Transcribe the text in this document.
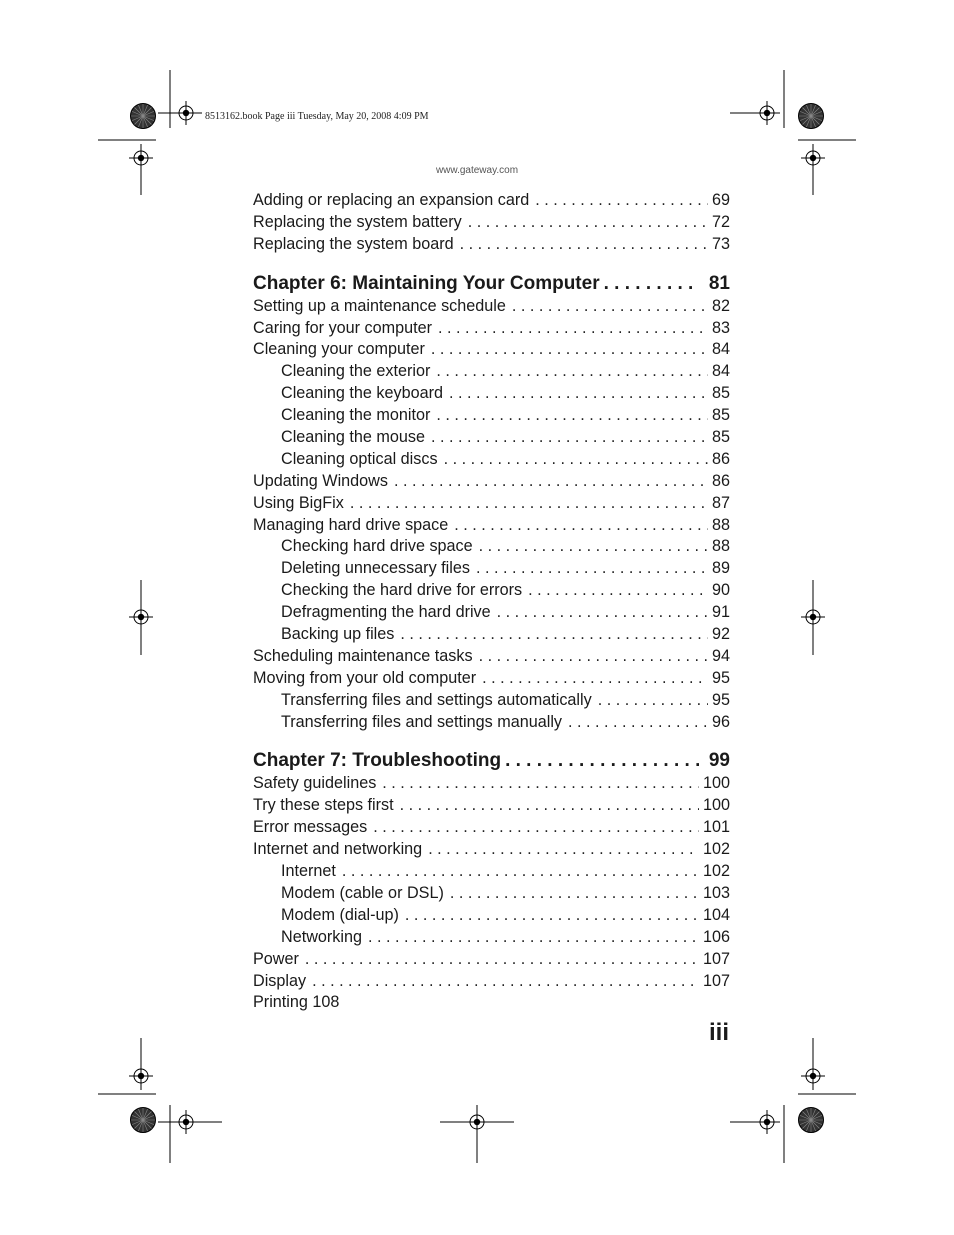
8513162.book Page iii Tuesday, May 20, 2008 4:09 PM
www.gateway.com
Adding or replacing an expansion card . . .	69
Replacing the system battery . . .	72
Replacing the system board . . .	73
Chapter 6: Maintaining Your Computer . . .	81
Setting up a maintenance schedule . . .	82
Caring for your computer . . .	83
Cleaning your computer . . .	84
Cleaning the exterior . . .	84
Cleaning the keyboard . . .	85
Cleaning the monitor . . .	85
Cleaning the mouse . . .	85
Cleaning optical discs . . .	86
Updating Windows . . .	86
Using BigFix . . .	87
Managing hard drive space . . .	88
Checking hard drive space . . .	88
Deleting unnecessary files . . .	89
Checking the hard drive for errors . . .	90
Defragmenting the hard drive . . .	91
Backing up files . . .	92
Scheduling maintenance tasks . . .	94
Moving from your old computer . . .	95
Transferring files and settings automatically . . .	95
Transferring files and settings manually . . .	96
Chapter 7: Troubleshooting . . .	99
Safety guidelines . . .	100
Try these steps first . . .	100
Error messages . . .	101
Internet and networking . . .	102
Internet . . .	102
Modem (cable or DSL) . . .	103
Modem (dial-up) . . .	104
Networking . . .	106
Power . . .	107
Display . . .	107
Printing 108
iii
